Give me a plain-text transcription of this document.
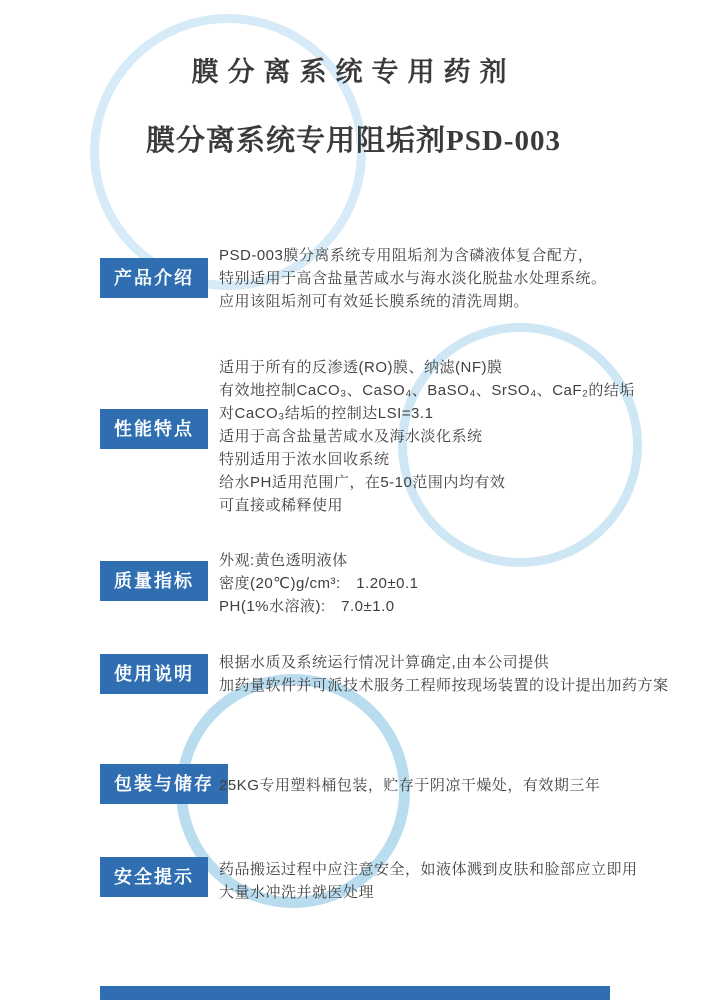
膜分离系统专用药剂
膜分离系统专用阻垢剂PSD-003
产品介绍
PSD-003膜分离系统专用阻垢剂为含磷液体复合配方，
特别适用于高含盐量苦咸水与海水淡化脱盐水处理系统。
应用该阻垢剂可有效延长膜系统的清洗周期。
性能特点
适用于所有的反渗透(RO)膜、纳滤(NF)膜
有效地控制CaCO₃、CaSO₄、BaSO₄、SrSO₄、CaF₂的结垢
对CaCO₃结垢的控制达LSI=3.1
适用于高含盐量苦咸水及海水淡化系统
特别适用于浓水回收系统
给水PH适用范围广，在5-10范围内均有效
可直接或稀释使用
质量指标
外观:黄色透明液体
密度(20℃)g/cm³:　1.20±0.1
PH(1%水溶液):　7.0±1.0
使用说明
根据水质及系统运行情况计算确定,由本公司提供
加药量软件并可派技术服务工程师按现场装置的设计提出加药方案
包装与储存 25KG专用塑料桶包装，贮存于阴凉干燥处，有效期三年
安全提示	药品搬运过程中应注意安全，如液体溅到皮肤和脸部应立即用
大量水冲洗并就医处理
